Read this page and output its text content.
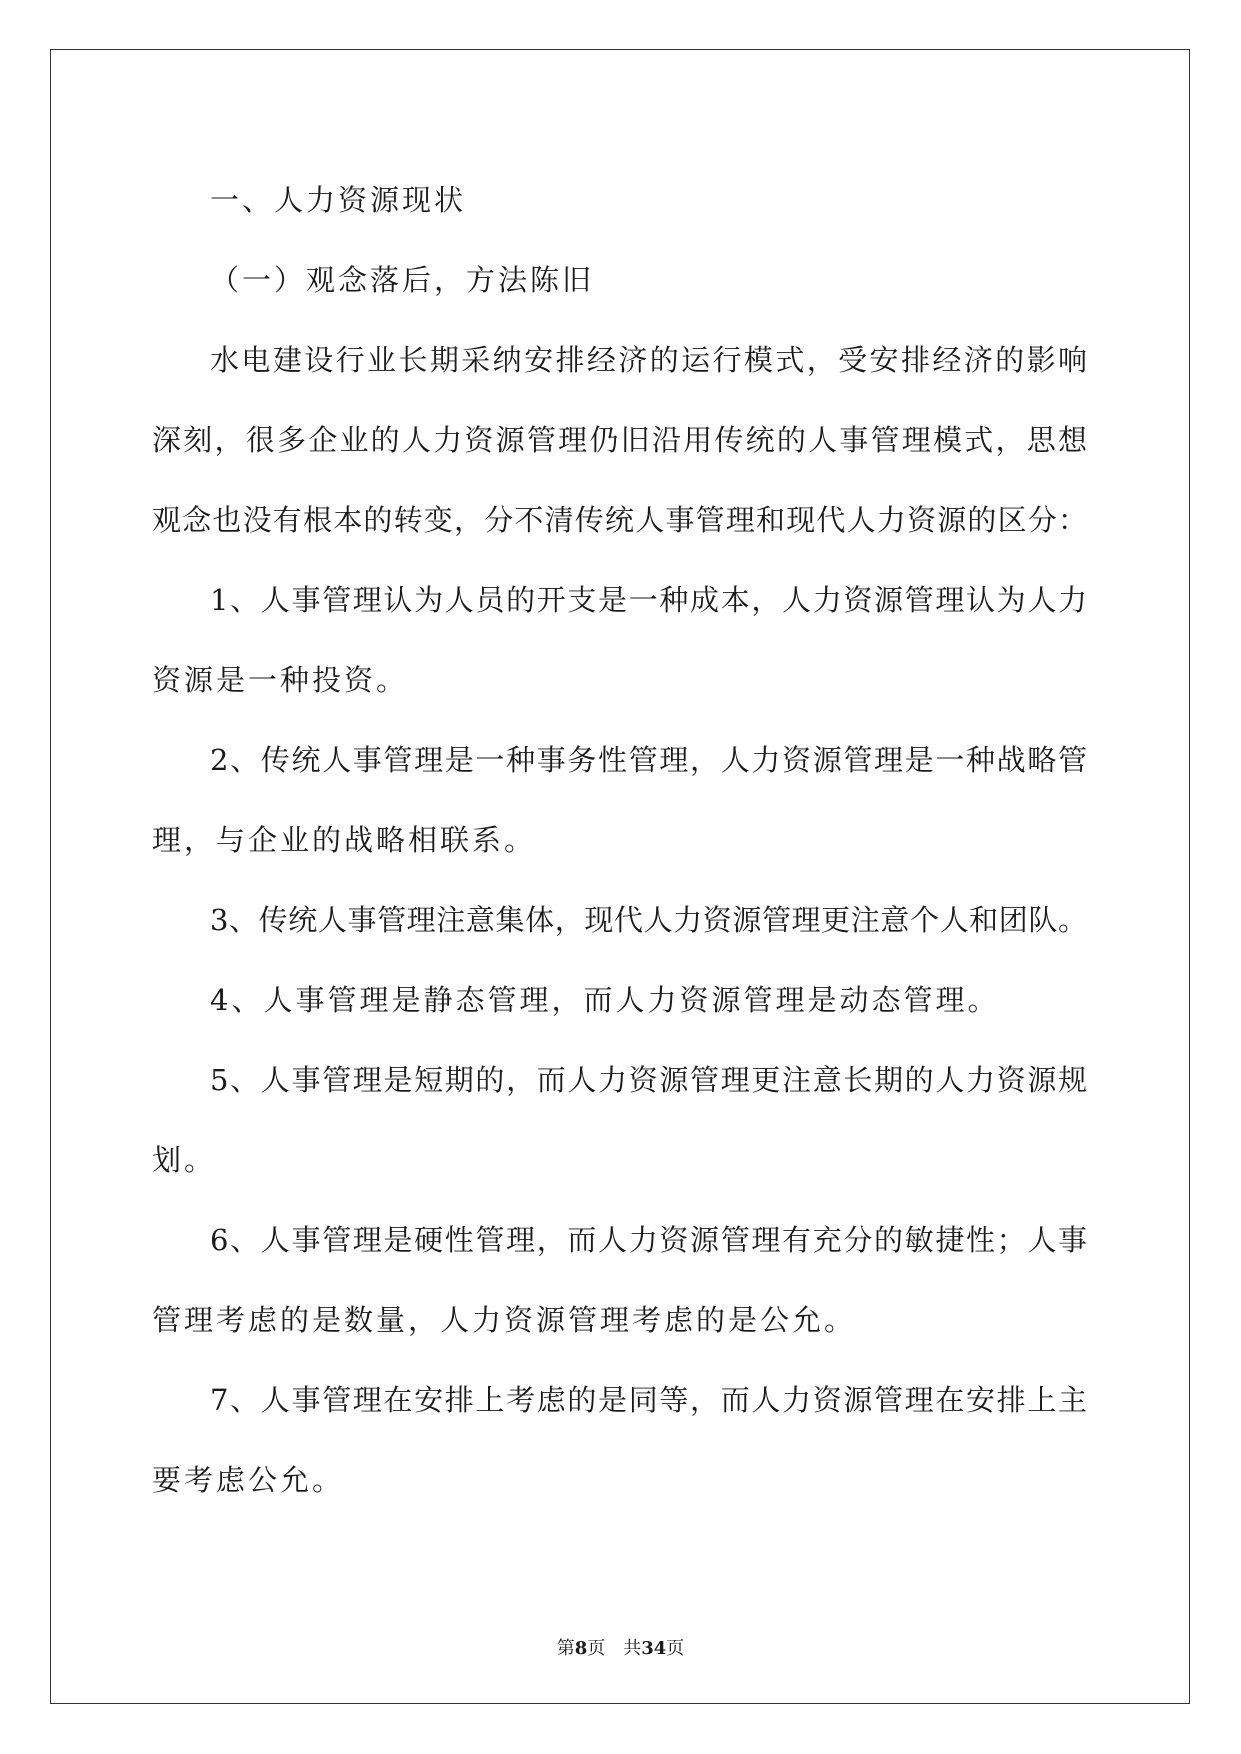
一、人力资源现状
（一）观念落后，方法陈旧
水电建设行业长期采纳安排经济的运行模式，受安排经济的影响
深刻，很多企业的人力资源管理仍旧沿用传统的人事管理模式，思想
观念也没有根本的转变，分不清传统人事管理和现代人力资源的区分：
1、人事管理认为人员的开支是一种成本，人力资源管理认为人力
资源是一种投资。
2、传统人事管理是一种事务性管理，人力资源管理是一种战略管
理，与企业的战略相联系。
3、传统人事管理注意集体，现代人力资源管理更注意个人和团队。
4、人事管理是静态管理，而人力资源管理是动态管理。
5、人事管理是短期的，而人力资源管理更注意长期的人力资源规
划。
6、人事管理是硬性管理，而人力资源管理有充分的敏捷性；人事
管理考虑的是数量，人力资源管理考虑的是公允。
7、人事管理在安排上考虑的是同等，而人力资源管理在安排上主
要考虑公允。
第8页 共34页
